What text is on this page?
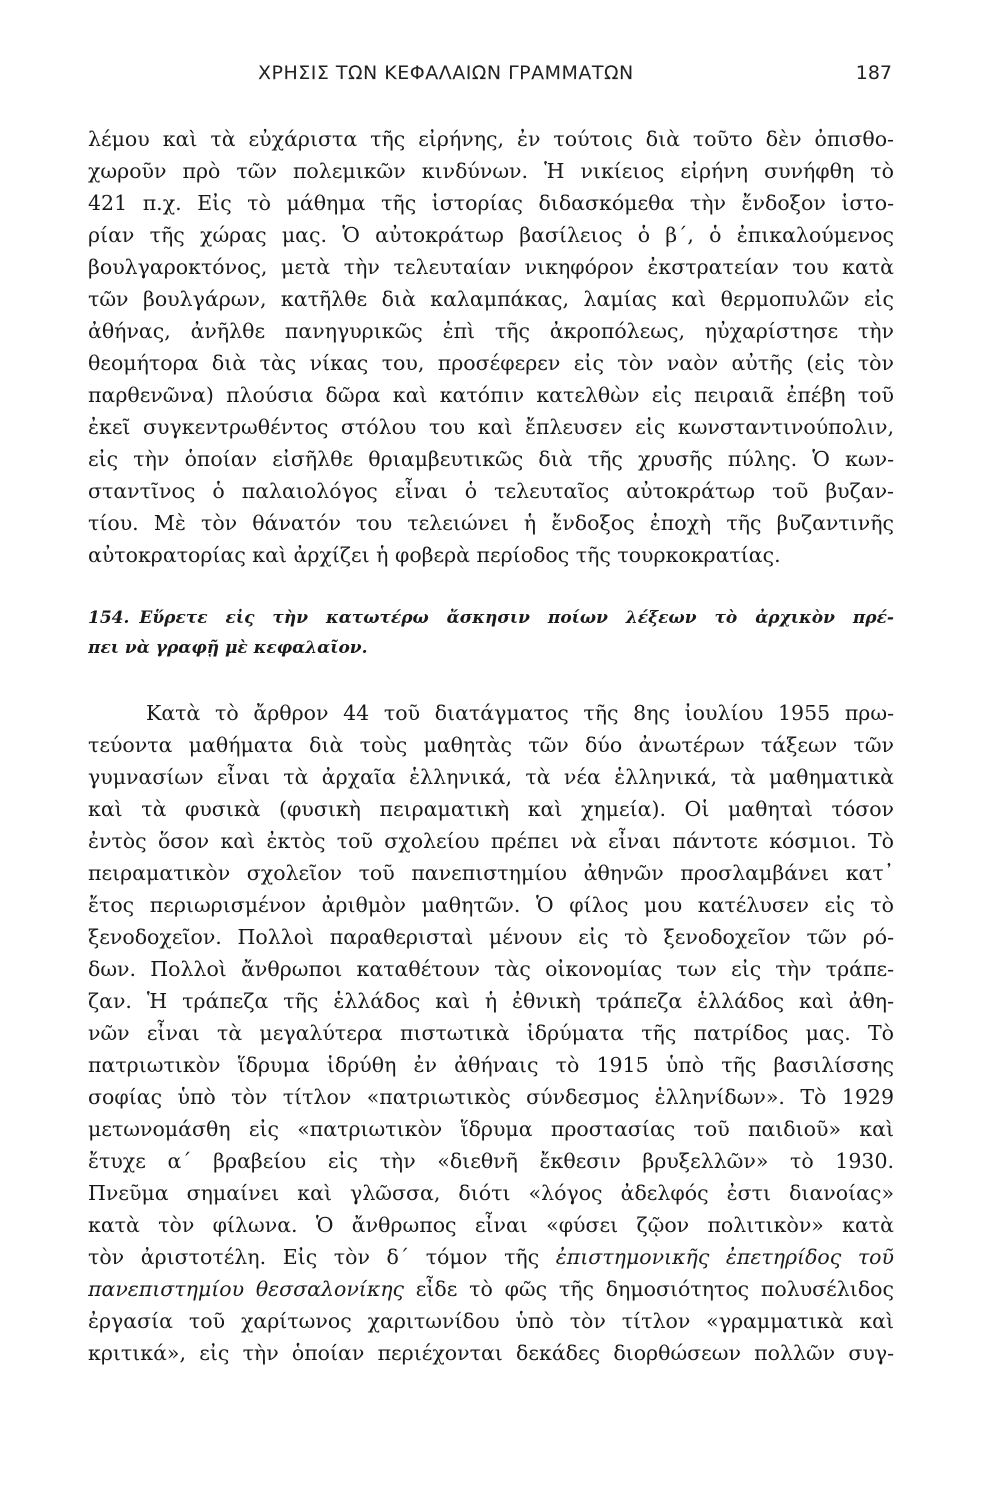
ΧΡΗΣΙΣ ΤΩΝ ΚΕΦΑΛΑΙΩΝ ΓΡΑΜΜΑΤΩΝ	187
λέμου καὶ τὰ εὐχάριστα τῆς εἰρήνης, ἐν τούτοις διὰ τοῦτο δὲν ὀπισθο-
χωροῦν πρὸ τῶν πολεμικῶν κινδύνων. Ἡ νικίειος εἰρήνη συνήφθη τὸ
421 π.χ. Εἰς τὸ μάθημα τῆς ἱστορίας διδασκόμεθα τὴν ἔνδοξον ἱστο-
ρίαν τῆς χώρας μας. Ὁ αὐτοκράτωρ βασίλειος ὁ β΄, ὁ ἐπικαλούμενος
βουλγαροκτόνος, μετὰ τὴν τελευταίαν νικηφόρον ἐκστρατείαν του κατὰ
τῶν βουλγάρων, κατῆλθε διὰ καλαμπάκας, λαμίας καὶ θερμοπυλῶν εἰς
ἀθήνας, ἀνῆλθε πανηγυρικῶς ἐπὶ τῆς ἀκροπόλεως, ηὐχαρίστησε τὴν
θεομήτορα διὰ τὰς νίκας του, προσέφερεν εἰς τὸν ναὸν αὐτῆς (εἰς τὸν
παρθενῶνα) πλούσια δῶρα καὶ κατόπιν κατελθὼν εἰς πειραιᾶ ἐπέβη τοῦ
ἐκεῖ συγκεντρωθέντος στόλου του καὶ ἔπλευσεν εἰς κωνσταντινούπολιν,
εἰς τὴν ὁποίαν εἰσῆλθε θριαμβευτικῶς διὰ τῆς χρυσῆς πύλης. Ὁ κων-
σταντῖνος ὁ παλαιολόγος εἶναι ὁ τελευταῖος αὐτοκράτωρ τοῦ βυζαν-
τίου. Μὲ τὸν θάνατόν του τελειώνει ἡ ἔνδοξος ἐποχὴ τῆς βυζαντινῆς
αὐτοκρατορίας καὶ ἀρχίζει ἡ φοβερὰ περίοδος τῆς τουρκοκρατίας.
154. Εὕρετε εἰς τὴν κατωτέρω ἄσκησιν ποίων λέξεων τὸ ἀρχικὸν πρέ-
πει νὰ γραφῇ μὲ κεφαλαῖον.
Κατὰ τὸ ἄρθρον 44 τοῦ διατάγματος τῆς 8ης ἰουλίου 1955 πρω-
τεύοντα μαθήματα διὰ τοὺς μαθητὰς τῶν δύο ἀνωτέρων τάξεων τῶν
γυμνασίων εἶναι τὰ ἀρχαῖα ἑλληνικά, τὰ νέα ἑλληνικά, τὰ μαθηματικὰ
καὶ τὰ φυσικὰ (φυσικὴ πειραματικὴ καὶ χημεία). Οἱ μαθηταὶ τόσον
ἐντὸς ὅσον καὶ ἐκτὸς τοῦ σχολείου πρέπει νὰ εἶναι πάντοτε κόσμιοι. Τὸ
πειραματικὸν σχολεῖον τοῦ πανεπιστημίου ἀθηνῶν προσλαμβάνει κατ᾿
ἔτος περιωρισμένον ἀριθμὸν μαθητῶν. Ὁ φίλος μου κατέλυσεν εἰς τὸ
ξενοδοχεῖον. Πολλοὶ παραθερισταὶ μένουν εἰς τὸ ξενοδοχεῖον τῶν ρό-
δων. Πολλοὶ ἄνθρωποι καταθέτουν τὰς οἰκονομίας των εἰς τὴν τράπε-
ζαν. Ἡ τράπεζα τῆς ἑλλάδος καὶ ἡ ἐθνικὴ τράπεζα ἑλλάδος καὶ ἀθη-
νῶν εἶναι τὰ μεγαλύτερα πιστωτικὰ ἱδρύματα τῆς πατρίδος μας. Τὸ
πατριωτικὸν ἵδρυμα ἱδρύθη ἐν ἀθήναις τὸ 1915 ὑπὸ τῆς βασιλίσσης
σοφίας ὑπὸ τὸν τίτλον «πατριωτικὸς σύνδεσμος ἑλληνίδων». Τὸ 1929
μετωνομάσθη εἰς «πατριωτικὸν ἵδρυμα προστασίας τοῦ παιδιοῦ» καὶ
ἔτυχε α΄ βραβείου εἰς τὴν «διεθνῆ ἔκθεσιν βρυξελλῶν» τὸ 1930.
Πνεῦμα σημαίνει καὶ γλῶσσα, διότι «λόγος ἀδελφός ἐστι διανοίας»
κατὰ τὸν φίλωνα. Ὁ ἄνθρωπος εἶναι «φύσει ζῷον πολιτικὸν» κατὰ
τὸν ἀριστοτέλη. Εἰς τὸν δ΄ τόμον τῆς ἐπιστημονικῆς ἐπετηρίδος τοῦ
πανεπιστημίου θεσσαλονίκης εἶδε τὸ φῶς τῆς δημοσιότητος πολυσέλιδος
ἐργασία τοῦ χαρίτωνος χαριτωνίδου ὑπὸ τὸν τίτλον «γραμματικὰ καὶ
κριτικά», εἰς τὴν ὁποίαν περιέχονται δεκάδες διορθώσεων πολλῶν συγ-
